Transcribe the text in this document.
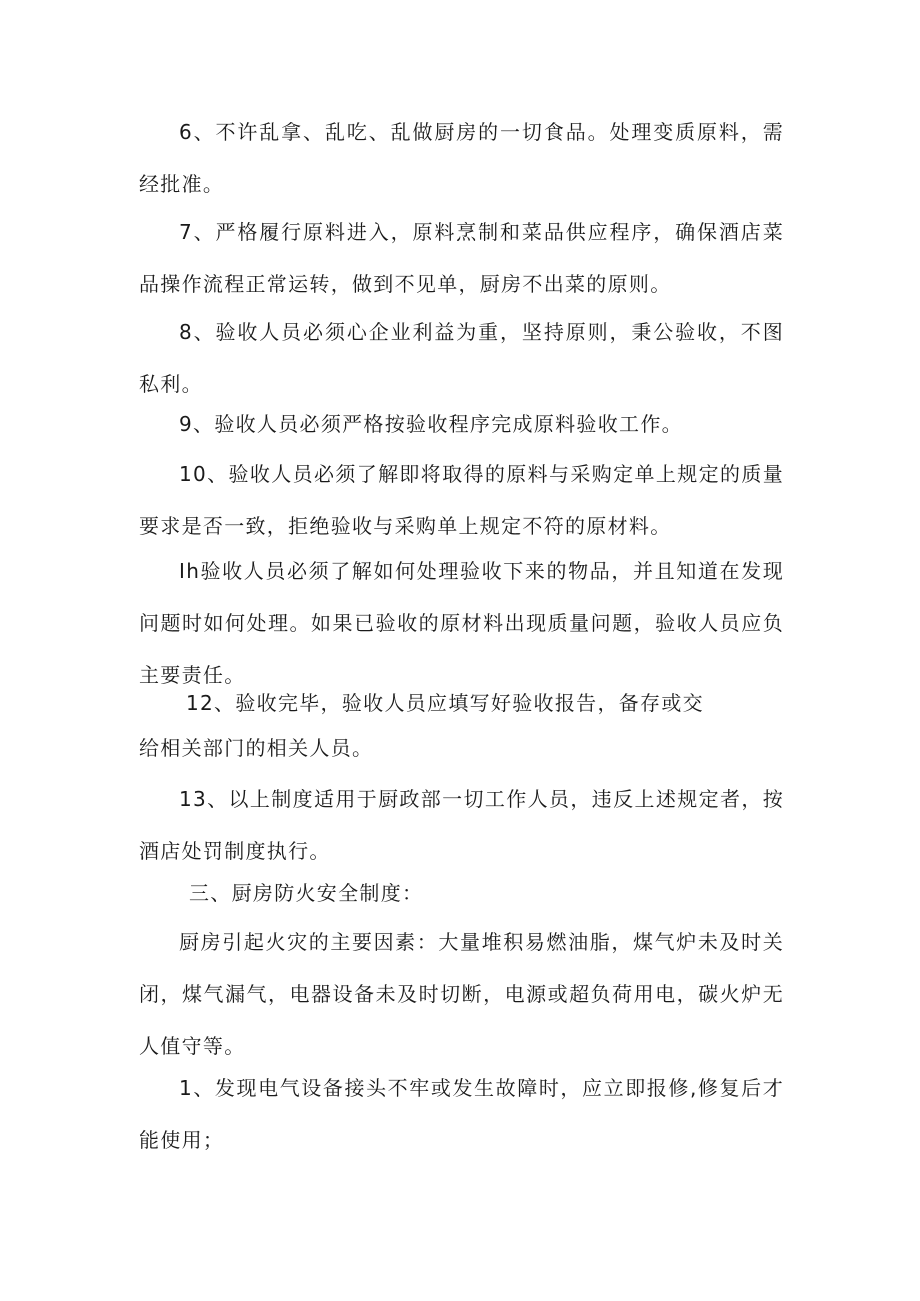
6、不许乱拿、乱吃、乱做厨房的一切食品。处理变质原料，需经批准。

7、严格履行原料进入，原料烹制和菜品供应程序，确保酒店菜品操作流程正常运转，做到不见单，厨房不出菜的原则。

8、验收人员必须心企业利益为重，坚持原则，秉公验收，不图私利。

9、验收人员必须严格按验收程序完成原料验收工作。

10、验收人员必须了解即将取得的原料与采购定单上规定的质量要求是否一致，拒绝验收与采购单上规定不符的原材料。

Ih验收人员必须了解如何处理验收下来的物品，并且知道在发现问题时如何处理。如果已验收的原材料出现质量问题，验收人员应负主要责任。

12、验收完毕，验收人员应填写好验收报告，备存或交

给相关部门的相关人员。

13、以上制度适用于厨政部一切工作人员，违反上述规定者，按酒店处罚制度执行。

三、厨房防火安全制度：

厨房引起火灾的主要因素：大量堆积易燃油脂，煤气炉未及时关闭，煤气漏气，电器设备未及时切断，电源或超负荷用电，碳火炉无人值守等。

1、发现电气设备接头不牢或发生故障时，应立即报修,修复后才能使用；
